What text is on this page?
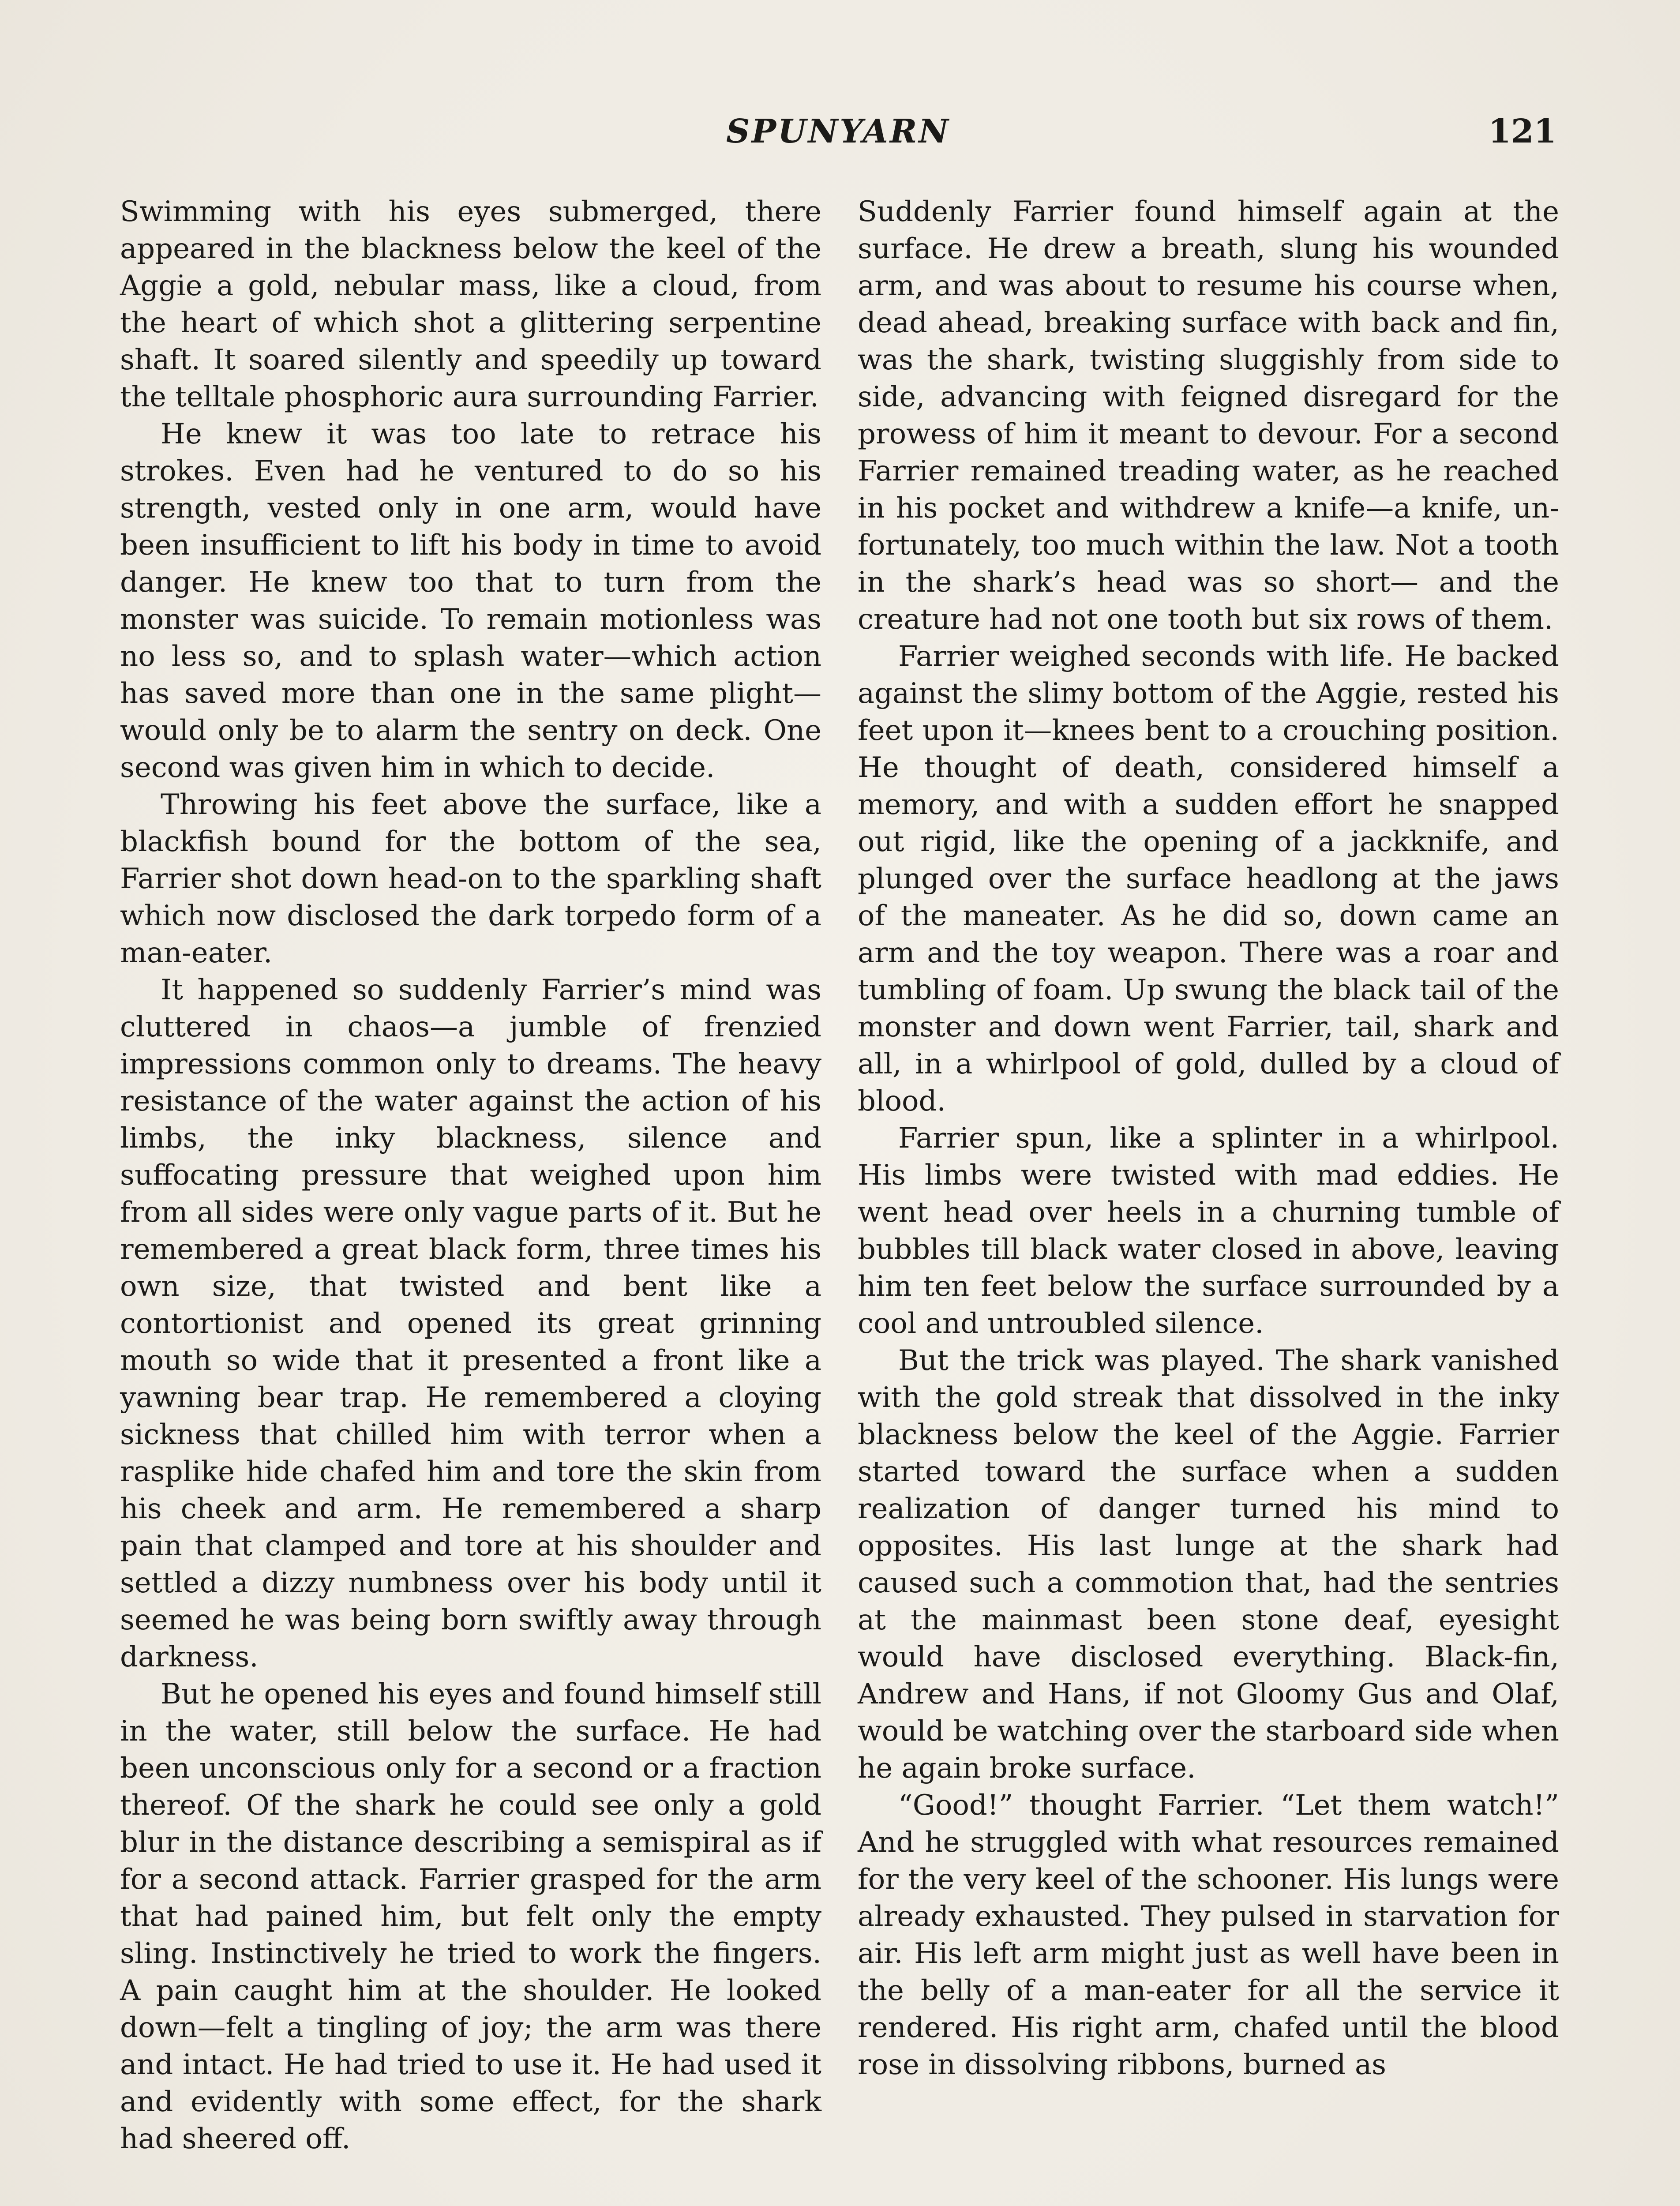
SPUNYARN	121

Swimming with his eyes submerged, there appeared in the blackness below the keel of the Aggie a gold, nebular mass, like a cloud, from the heart of which shot a glittering serpentine shaft. It soared silently and speedily up toward the telltale phosphoric aura surrounding Farrier.

He knew it was too late to retrace his strokes. Even had he ventured to do so his strength, vested only in one arm, would have been insufficient to lift his body in time to avoid danger. He knew too that to turn from the monster was suicide. To remain motionless was no less so, and to splash water—which action has saved more than one in the same plight—would only be to alarm the sentry on deck. One second was given him in which to decide.

Throwing his feet above the surface, like a blackfish bound for the bottom of the sea, Farrier shot down head-on to the sparkling shaft which now disclosed the dark torpedo form of a man-eater.

It happened so suddenly Farrier’s mind was cluttered in chaos—a jumble of frenzied impressions common only to dreams. The heavy resistance of the water against the action of his limbs, the inky blackness, silence and suffocating pressure that weighed upon him from all sides were only vague parts of it. But he remembered a great black form, three times his own size, that twisted and bent like a contortionist and opened its great grinning mouth so wide that it presented a front like a yawning bear trap. He remembered a cloying sickness that chilled him with terror when a rasplike hide chafed him and tore the skin from his cheek and arm. He remembered a sharp pain that clamped and tore at his shoulder and settled a dizzy numbness over his body until it seemed he was being born swiftly away through darkness.

But he opened his eyes and found himself still in the water, still below the surface. He had been unconscious only for a second or a fraction thereof. Of the shark he could see only a gold blur in the distance describing a semispiral as if for a second attack. Farrier grasped for the arm that had pained him, but felt only the empty sling. Instinctively he tried to work the fingers. A pain caught him at the shoulder. He looked down—felt a tingling of joy; the arm was there and intact. He had tried to use it. He had used it and evidently with some effect, for the shark had sheered off.

Suddenly Farrier found himself again at the surface. He drew a breath, slung his wounded arm, and was about to resume his course when, dead ahead, breaking surface with back and fin, was the shark, twisting sluggishly from side to side, advancing with feigned disregard for the prowess of him it meant to devour. For a second Farrier remained treading water, as he reached in his pocket and withdrew a knife—a knife, unfortunately, too much within the law. Not a tooth in the shark’s head was so short— and the creature had not one tooth but six rows of them.

Farrier weighed seconds with life. He backed against the slimy bottom of the Aggie, rested his feet upon it—knees bent to a crouching position. He thought of death, considered himself a memory, and with a sudden effort he snapped out rigid, like the opening of a jackknife, and plunged over the surface headlong at the jaws of the maneater. As he did so, down came an arm and the toy weapon. There was a roar and tumbling of foam. Up swung the black tail of the monster and down went Farrier, tail, shark and all, in a whirlpool of gold, dulled by a cloud of blood.

Farrier spun, like a splinter in a whirlpool. His limbs were twisted with mad eddies. He went head over heels in a churning tumble of bubbles till black water closed in above, leaving him ten feet below the surface surrounded by a cool and untroubled silence.

But the trick was played. The shark vanished with the gold streak that dissolved in the inky blackness below the keel of the Aggie. Farrier started toward the surface when a sudden realization of danger turned his mind to opposites. His last lunge at the shark had caused such a commotion that, had the sentries at the mainmast been stone deaf, eyesight would have disclosed everything. Black-fin, Andrew and Hans, if not Gloomy Gus and Olaf, would be watching over the starboard side when he again broke surface.

“Good!” thought Farrier. “Let them watch!” And he struggled with what resources remained for the very keel of the schooner. His lungs were already exhausted. They pulsed in starvation for air. His left arm might just as well have been in the belly of a man-eater for all the service it rendered. His right arm, chafed until the blood rose in dissolving ribbons, burned as
